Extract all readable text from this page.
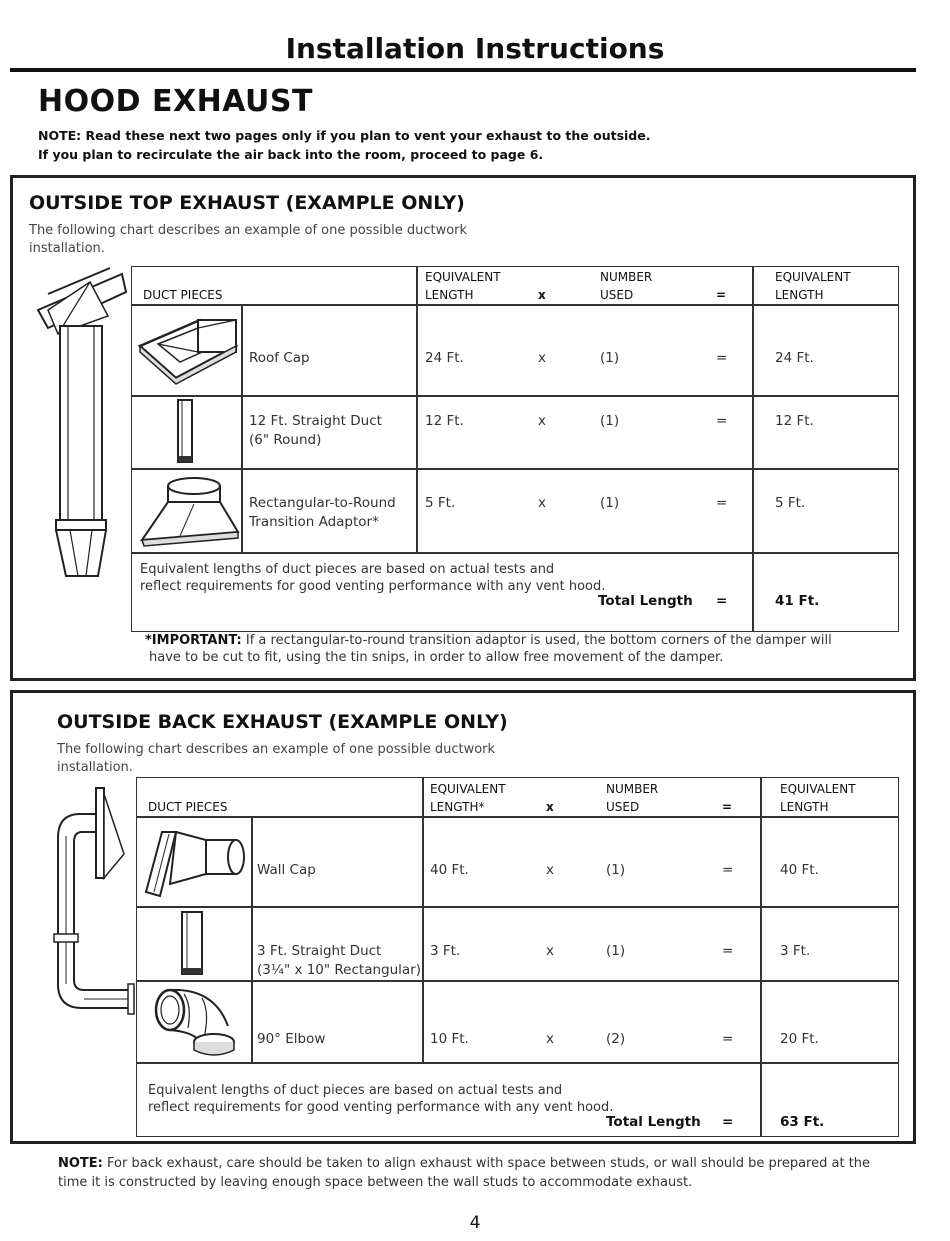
Installation Instructions
HOOD EXHAUST
NOTE: Read these next two pages only if you plan to vent your exhaust to the outside.
If you plan to recirculate the air back into the room, proceed to page 6.
OUTSIDE TOP EXHAUST (EXAMPLE ONLY)
The following chart describes an example of one possible ductwork installation.
DUCT PIECES
EQUIVALENT
LENGTH	x
NUMBER
USED	=
EQUIVALENT
LENGTH
Roof Cap	24 Ft.	x	(1)	=	24 Ft.
12 Ft. Straight Duct
(6" Round)
12 Ft.	x	(1)	=	12 Ft.
Rectangular-to-Round
Transition Adaptor*
5 Ft.	x	(1)	=	5 Ft.
Equivalent lengths of duct pieces are based on actual tests and
reflect requirements for good venting performance with any vent hood.
Total Length =	41 Ft.
*IMPORTANT: If a rectangular-to-round transition adaptor is used, the bottom corners of the damper will
have to be cut to fit, using the tin snips, in order to allow free movement of the damper.
OUTSIDE BACK EXHAUST (EXAMPLE ONLY)
The following chart describes an example of one possible ductwork installation.
DUCT PIECES
EQUIVALENT
LENGTH*	x
NUMBER
USED	=
EQUIVALENT
LENGTH
Wall Cap	40 Ft.	x	(1)	=	40 Ft.
3 Ft. Straight Duct
(3¼" x 10" Rectangular)
3 Ft.	x	(1)	=	3 Ft.
90° Elbow	10 Ft.	x	(2)	=	20 Ft.
Equivalent lengths of duct pieces are based on actual tests and
reflect requirements for good venting performance with any vent hood.
Total Length =	63 Ft.
NOTE: For back exhaust, care should be taken to align exhaust with space between studs, or wall should be prepared at the time it is constructed by leaving enough space between the wall studs to accommodate exhaust.
4
